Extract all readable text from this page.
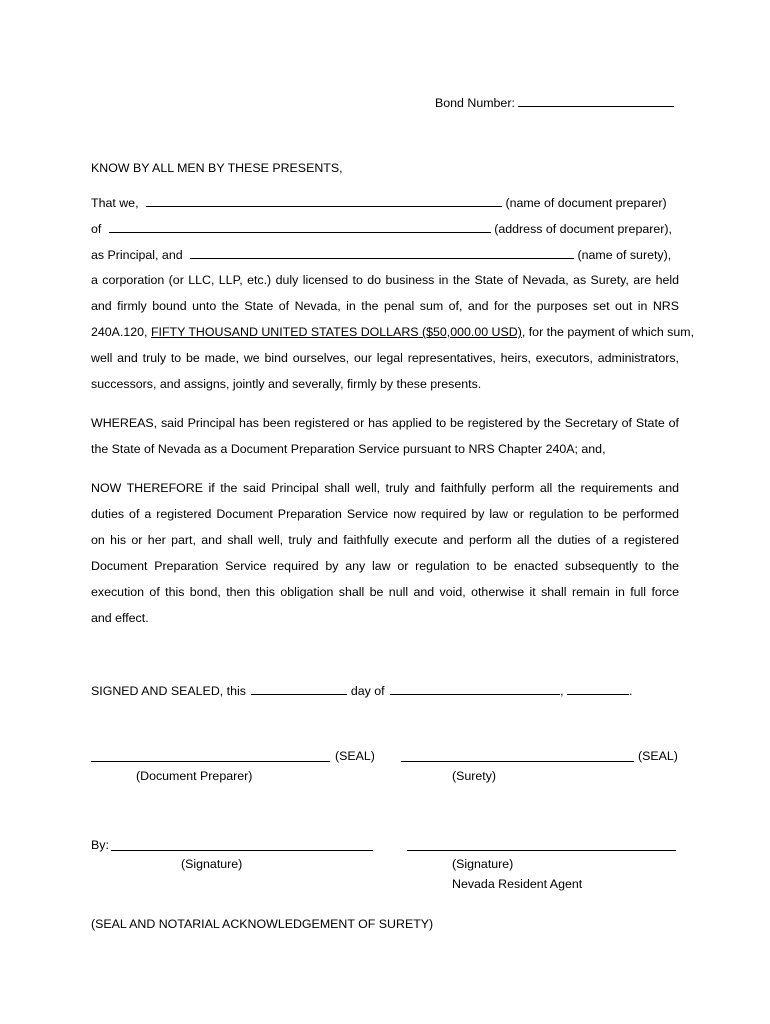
Bond Number:
KNOW BY ALL MEN BY THESE PRESENTS,
That we,	(name of document preparer)
of	(address of document preparer),
as Principal, and	(name of surety),
a corporation (or LLC, LLP, etc.) duly licensed to do business in the State of Nevada, as Surety, are held
and firmly bound unto the State of Nevada, in the penal sum of, and for the purposes set out in NRS
240A.120, FIFTY THOUSAND UNITED STATES DOLLARS ($50,000.00 USD), for the payment of which sum,
well and truly to be made, we bind ourselves, our legal representatives, heirs, executors, administrators,
successors, and assigns, jointly and severally, firmly by these presents.
WHEREAS, said Principal has been registered or has applied to be registered by the Secretary of State of
the State of Nevada as a Document Preparation Service pursuant to NRS Chapter 240A; and,
NOW THEREFORE if the said Principal shall well, truly and faithfully perform all the requirements and
duties of a registered Document Preparation Service now required by law or regulation to be performed
on his or her part, and shall well, truly and faithfully execute and perform all the duties of a registered
Document Preparation Service required by any law or regulation to be enacted subsequently to the
execution of this bond, then this obligation shall be null and void, otherwise it shall remain in full force
and effect.
SIGNED AND SEALED, this	day of	,	.
(SEAL)	(SEAL)
(Document Preparer)	(Surety)
By:
(Signature)	(Signature)
Nevada Resident Agent
(SEAL AND NOTARIAL ACKNOWLEDGEMENT OF SURETY)
